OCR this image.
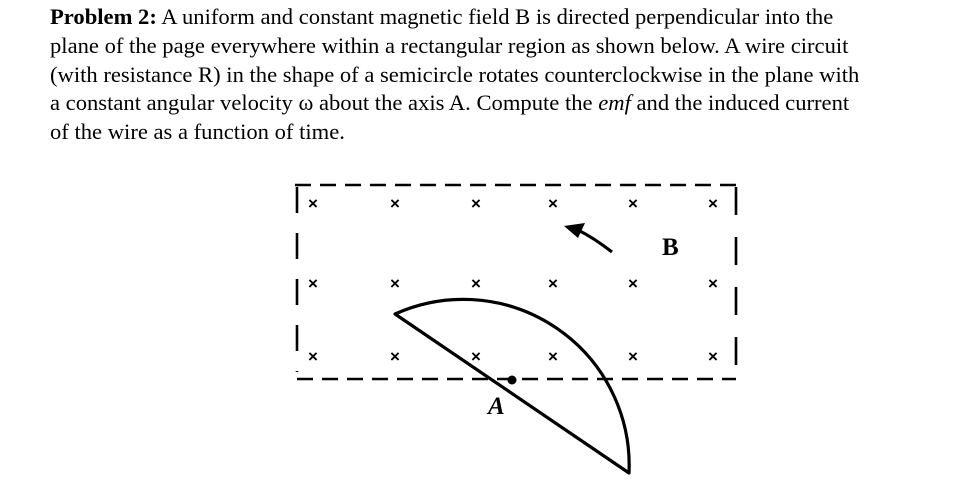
Problem 2: A uniform and constant magnetic field B is directed perpendicular into the
plane of the page everywhere within a rectangular region as shown below. A wire circuit
(with resistance R) in the shape of a semicircle rotates counterclockwise in the plane with
a constant angular velocity ω about the axis A. Compute the emf and the induced current
of the wire as a function of time.
×	×	×	×	×	×
×	×	×	×	×	×
×	×	×	×	×	×
B
A
